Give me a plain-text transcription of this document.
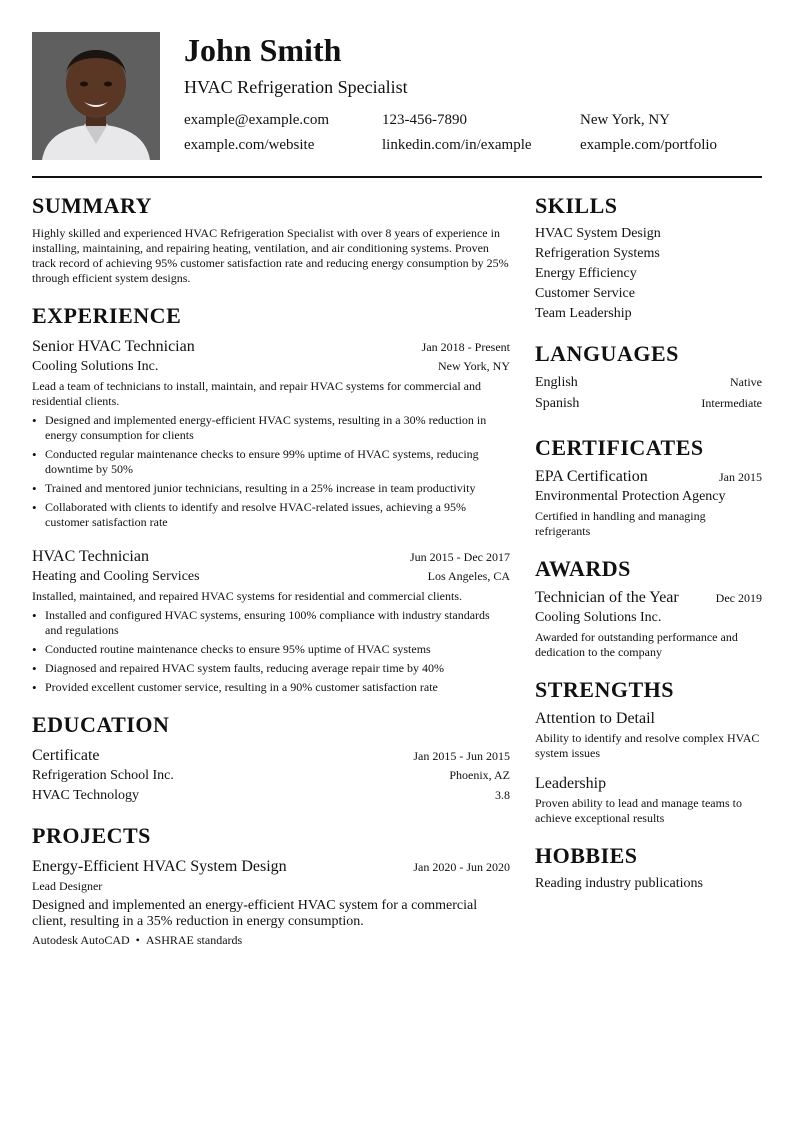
John Smith
HVAC Refrigeration Specialist
example@example.com	123-456-7890	New York, NY
example.com/website	linkedin.com/in/example	example.com/portfolio
SUMMARY
Highly skilled and experienced HVAC Refrigeration Specialist with over 8 years of experience in installing, maintaining, and repairing heating, ventilation, and air conditioning systems. Proven track record of achieving 95% customer satisfaction rate and reducing energy consumption by 25% through efficient system designs.
EXPERIENCE
Senior HVAC Technician	Jan 2018 - Present
Cooling Solutions Inc.	New York, NY
Lead a team of technicians to install, maintain, and repair HVAC systems for commercial and residential clients.
• Designed and implemented energy-efficient HVAC systems, resulting in a 30% reduction in energy consumption for clients
• Conducted regular maintenance checks to ensure 99% uptime of HVAC systems, reducing downtime by 50%
• Trained and mentored junior technicians, resulting in a 25% increase in team productivity
• Collaborated with clients to identify and resolve HVAC-related issues, achieving a 95% customer satisfaction rate
HVAC Technician	Jun 2015 - Dec 2017
Heating and Cooling Services	Los Angeles, CA
Installed, maintained, and repaired HVAC systems for residential and commercial clients.
• Installed and configured HVAC systems, ensuring 100% compliance with industry standards and regulations
• Conducted routine maintenance checks to ensure 95% uptime of HVAC systems
• Diagnosed and repaired HVAC system faults, reducing average repair time by 40%
• Provided excellent customer service, resulting in a 90% customer satisfaction rate
EDUCATION
Certificate	Jan 2015 - Jun 2015
Refrigeration School Inc.	Phoenix, AZ
HVAC Technology	3.8
PROJECTS
Energy-Efficient HVAC System Design	Jan 2020 - Jun 2020
Lead Designer
Designed and implemented an energy-efficient HVAC system for a commercial client, resulting in a 35% reduction in energy consumption.
Autodesk AutoCAD • ASHRAE standards
SKILLS
HVAC System Design
Refrigeration Systems
Energy Efficiency
Customer Service
Team Leadership
LANGUAGES
English	Native
Spanish	Intermediate
CERTIFICATES
EPA Certification	Jan 2015
Environmental Protection Agency
Certified in handling and managing refrigerants
AWARDS
Technician of the Year	Dec 2019
Cooling Solutions Inc.
Awarded for outstanding performance and dedication to the company
STRENGTHS
Attention to Detail
Ability to identify and resolve complex HVAC system issues
Leadership
Proven ability to lead and manage teams to achieve exceptional results
HOBBIES
Reading industry publications
